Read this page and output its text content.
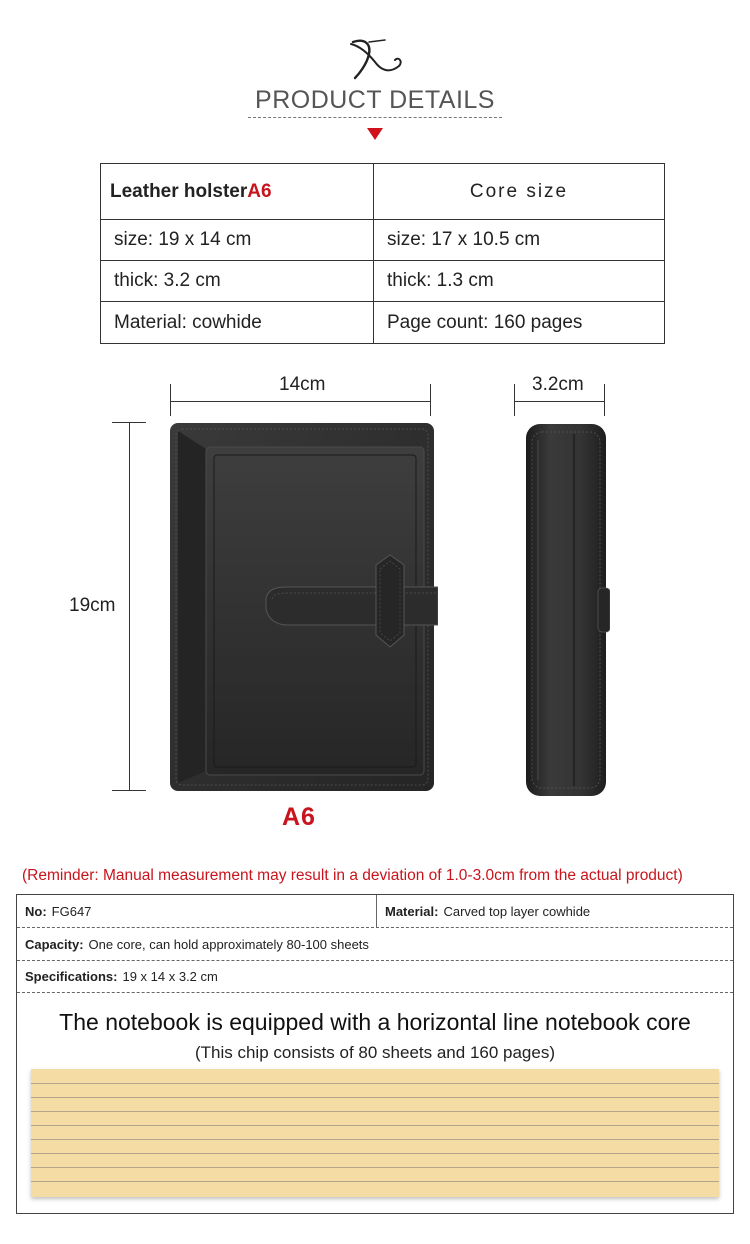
PRODUCT DETAILS
Leather holster A6	Core size
size: 19 x 14 cm	size: 17 x 10.5 cm
thick: 3.2 cm	thick: 1.3 cm
Material: cowhide	Page count: 160 pages
14cm	3.2cm
19cm
A6
(Reminder: Manual measurement may result in a deviation of 1.0-3.0cm from the actual product)
No: FG647	Material: Carved top layer cowhide
Capacity: One core, can hold approximately 80-100 sheets
Specifications: 19 x 14 x 3.2 cm
The notebook is equipped with a horizontal line notebook core
(This chip consists of 80 sheets and 160 pages)
